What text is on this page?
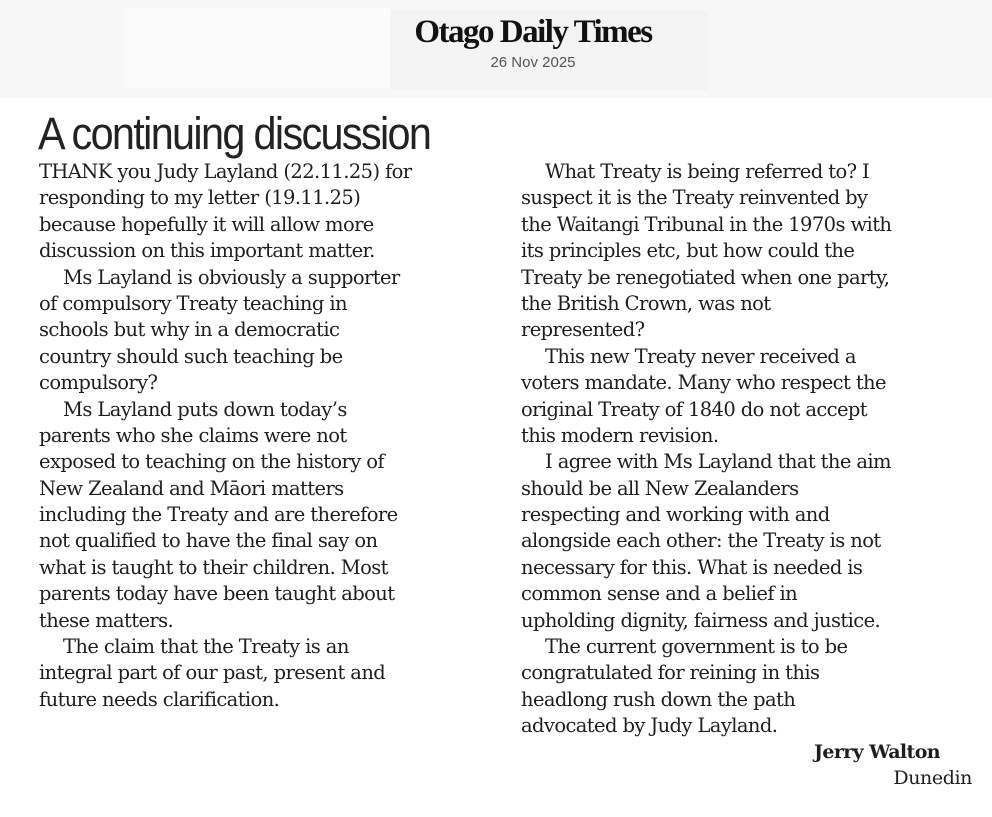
Otago Daily Times
26 Nov 2025
A continuing discussion
THANK you Judy Layland (22.11.25) for
responding to my letter (19.11.25)
because hopefully it will allow more
discussion on this important matter.
Ms Layland is obviously a supporter
of compulsory Treaty teaching in
schools but why in a democratic
country should such teaching be
compulsory?
Ms Layland puts down today’s
parents who she claims were not
exposed to teaching on the history of
New Zealand and Māori matters
including the Treaty and are therefore
not qualified to have the final say on
what is taught to their children. Most
parents today have been taught about
these matters.
The claim that the Treaty is an
integral part of our past, present and
future needs clarification.
What Treaty is being referred to? I
suspect it is the Treaty reinvented by
the Waitangi Tribunal in the 1970s with
its principles etc, but how could the
Treaty be renegotiated when one party,
the British Crown, was not
represented?
This new Treaty never received a
voters mandate. Many who respect the
original Treaty of 1840 do not accept
this modern revision.
I agree with Ms Layland that the aim
should be all New Zealanders
respecting and working with and
alongside each other: the Treaty is not
necessary for this. What is needed is
common sense and a belief in
upholding dignity, fairness and justice.
The current government is to be
congratulated for reining in this
headlong rush down the path
advocated by Judy Layland.
Jerry Walton
Dunedin
